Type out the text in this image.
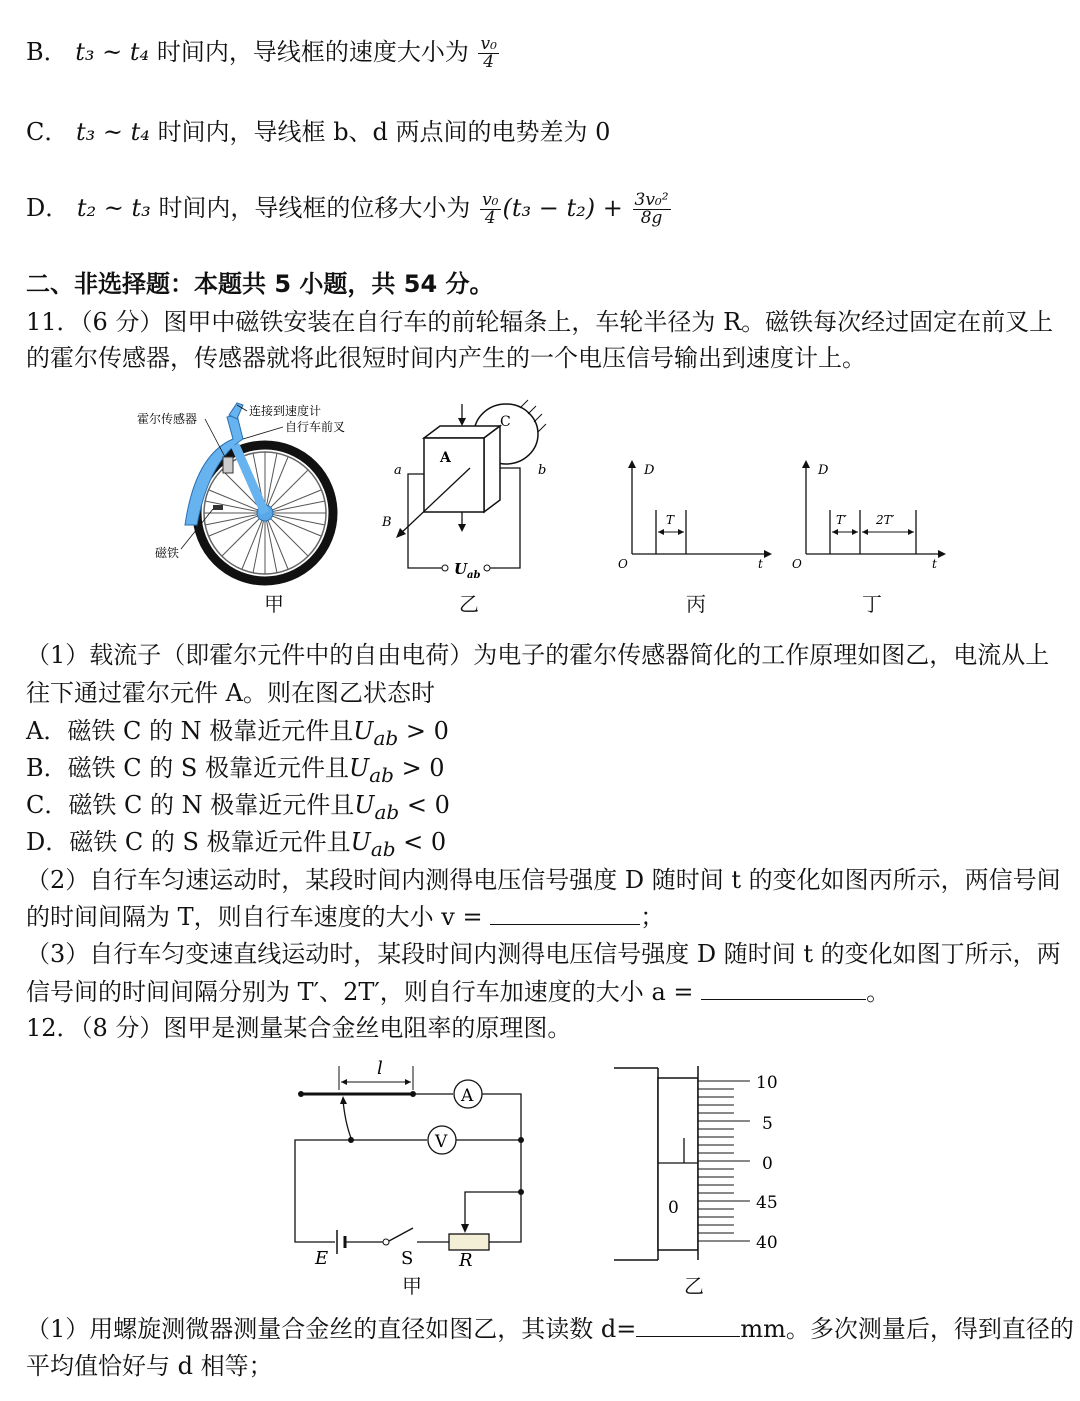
B． t₃ ~ t₄ 时间内，导线框的速度大小为 $\frac{\text{v₀}}{4}$
C． t₃ ~ t₄ 时间内，导线框 b、d 两点间的电势差为 0
D． t₂ ~ t₃ 时间内，导线框的位移大小为 $\frac{\text{v₀}}{4} (t_3 - t_2) + \frac{\text{3v₀²}}{8g}$
二、非选择题：本题共 5 小题，共 54 分。
11．（6 分）图甲中磁铁安装在自行车的前轮辐条上，车轮半径为 R。磁铁每次经过固定在前叉上
的霍尔传感器，传感器就将此很短时间内产生的一个电压信号输出到速度计上。
霍尔传感器
连接到速度计
自行车前叉
磁铁
甲
C
A
B
a	b
U ab
乙
D
t
O
T
丙
D
t
O
T′ 2T′
丁
（1）载流子（即霍尔元件中的自由电荷）为电子的霍尔传感器简化的工作原理如图乙，电流从上
往下通过霍尔元件 A。则在图乙状态时
A．磁铁 C 的 N 极靠近元件且$U_{ab} > 0$
B．磁铁 C 的 S 极靠近元件且$U_{ab} > 0$
C．磁铁 C 的 N 极靠近元件且$U_{ab} < 0$
D．磁铁 C 的 S 极靠近元件且$U_{ab} < 0$
（2）自行车匀速运动时，某段时间内测得电压信号强度 D 随时间 t 的变化如图丙所示，两信号间
的时间间隔为 T，则自行车速度的大小 v =	；
（3）自行车匀变速直线运动时，某段时间内测得电压信号强度 D 随时间 t 的变化如图丁所示，两
信号间的时间间隔分别为 T′、2T′，则自行车加速度的大小 a =	。
12．（8 分）图甲是测量某合金丝电阻率的原理图。
l
A
V
E	S	R
甲
0
10
5
0
45
40
乙
（1）用螺旋测微器测量合金丝的直径如图乙，其读数 d=	mm。多次测量后，得到直径的
平均值恰好与 d 相等；
